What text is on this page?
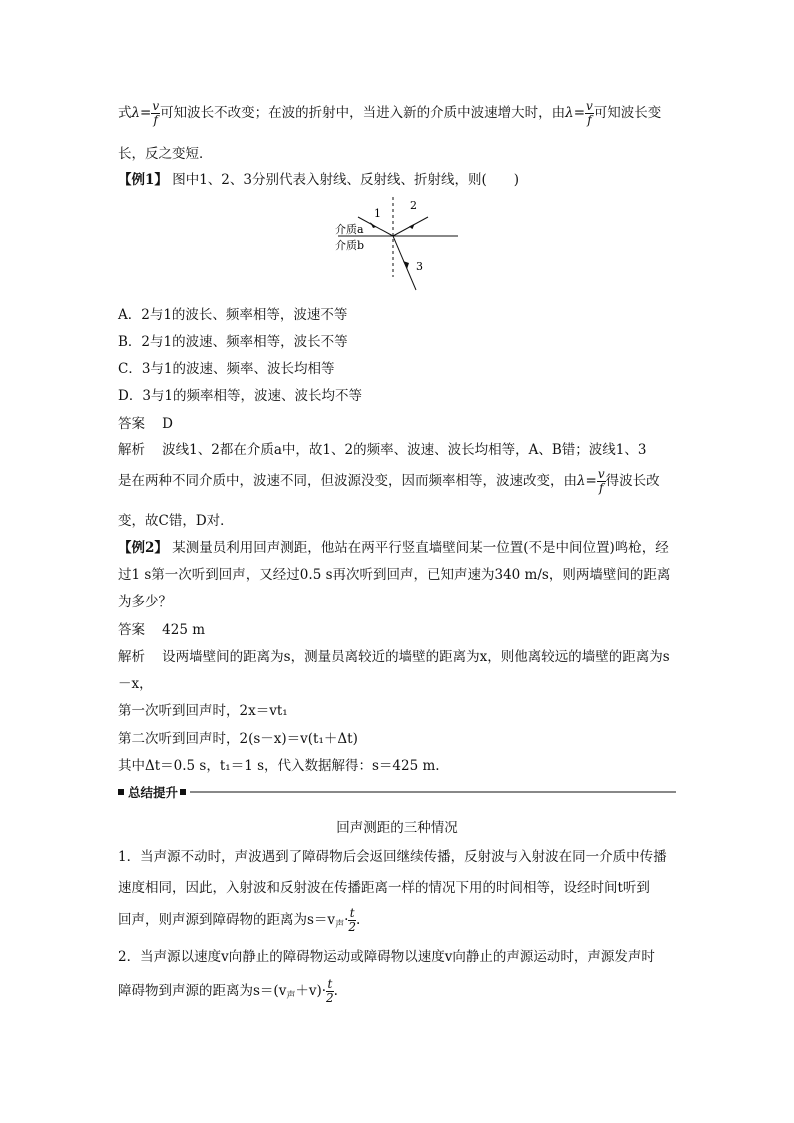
式$\lambda= \frac{v}{f}$ 可知波长不改变；在波的折射中，当进入新的介质中波速增大时，由$\lambda= \frac{v}{f}$ 可知波长变
长，反之变短．
【例1】 图中1、2、3分别代表入射线、反射线、折射线，则(　　)
1
2
3
介质a
介质b
A．2与1的波长、频率相等，波速不等
B．2与1的波速、频率相等，波长不等
C．3与1的波速、频率、波长均相等
D．3与1的频率相等，波速、波长均不等
答案 D
解析 波线1、2都在介质a中，故1、2的频率、波速、波长均相等，A、B错；波线1、3
是在两种不同介质中，波速不同，但波源没变，因而频率相等，波速改变，由$\lambda= \frac{v}{f}$ 得波长改
变，故C错，D对．
【例2】 某测量员利用回声测距，他站在两平行竖直墙壁间某一位置(不是中间位置)鸣枪，经
过1 s第一次听到回声，又经过0.5 s再次听到回声，已知声速为340 m/s，则两墙壁间的距离
为多少？
答案 425 m
解析 设两墙壁间的距离为s，测量员离较近的墙壁的距离为x，则他离较远的墙壁的距离为s
－x，
第一次听到回声时，2x＝vt₁
第二次听到回声时，2(s－x)＝v(t₁＋Δt)
其中Δt＝0.5 s，t₁＝1 s，代入数据解得：s＝425 m.
总结提升
回声测距的三种情况
1．当声源不动时，声波遇到了障碍物后会返回继续传播，反射波与入射波在同一介质中传播
速度相同，因此，入射波和反射波在传播距离一样的情况下用的时间相等，设经时间t听到
回声，则声源到障碍物的距离为$s=v_声\cdot \frac{t}{2}$ .
2．当声源以速度v向静止的障碍物运动或障碍物以速度v向静止的声源运动时，声源发声时
障碍物到声源的距离为$s=(v_声+v)\cdot \frac{t}{2}$ .
